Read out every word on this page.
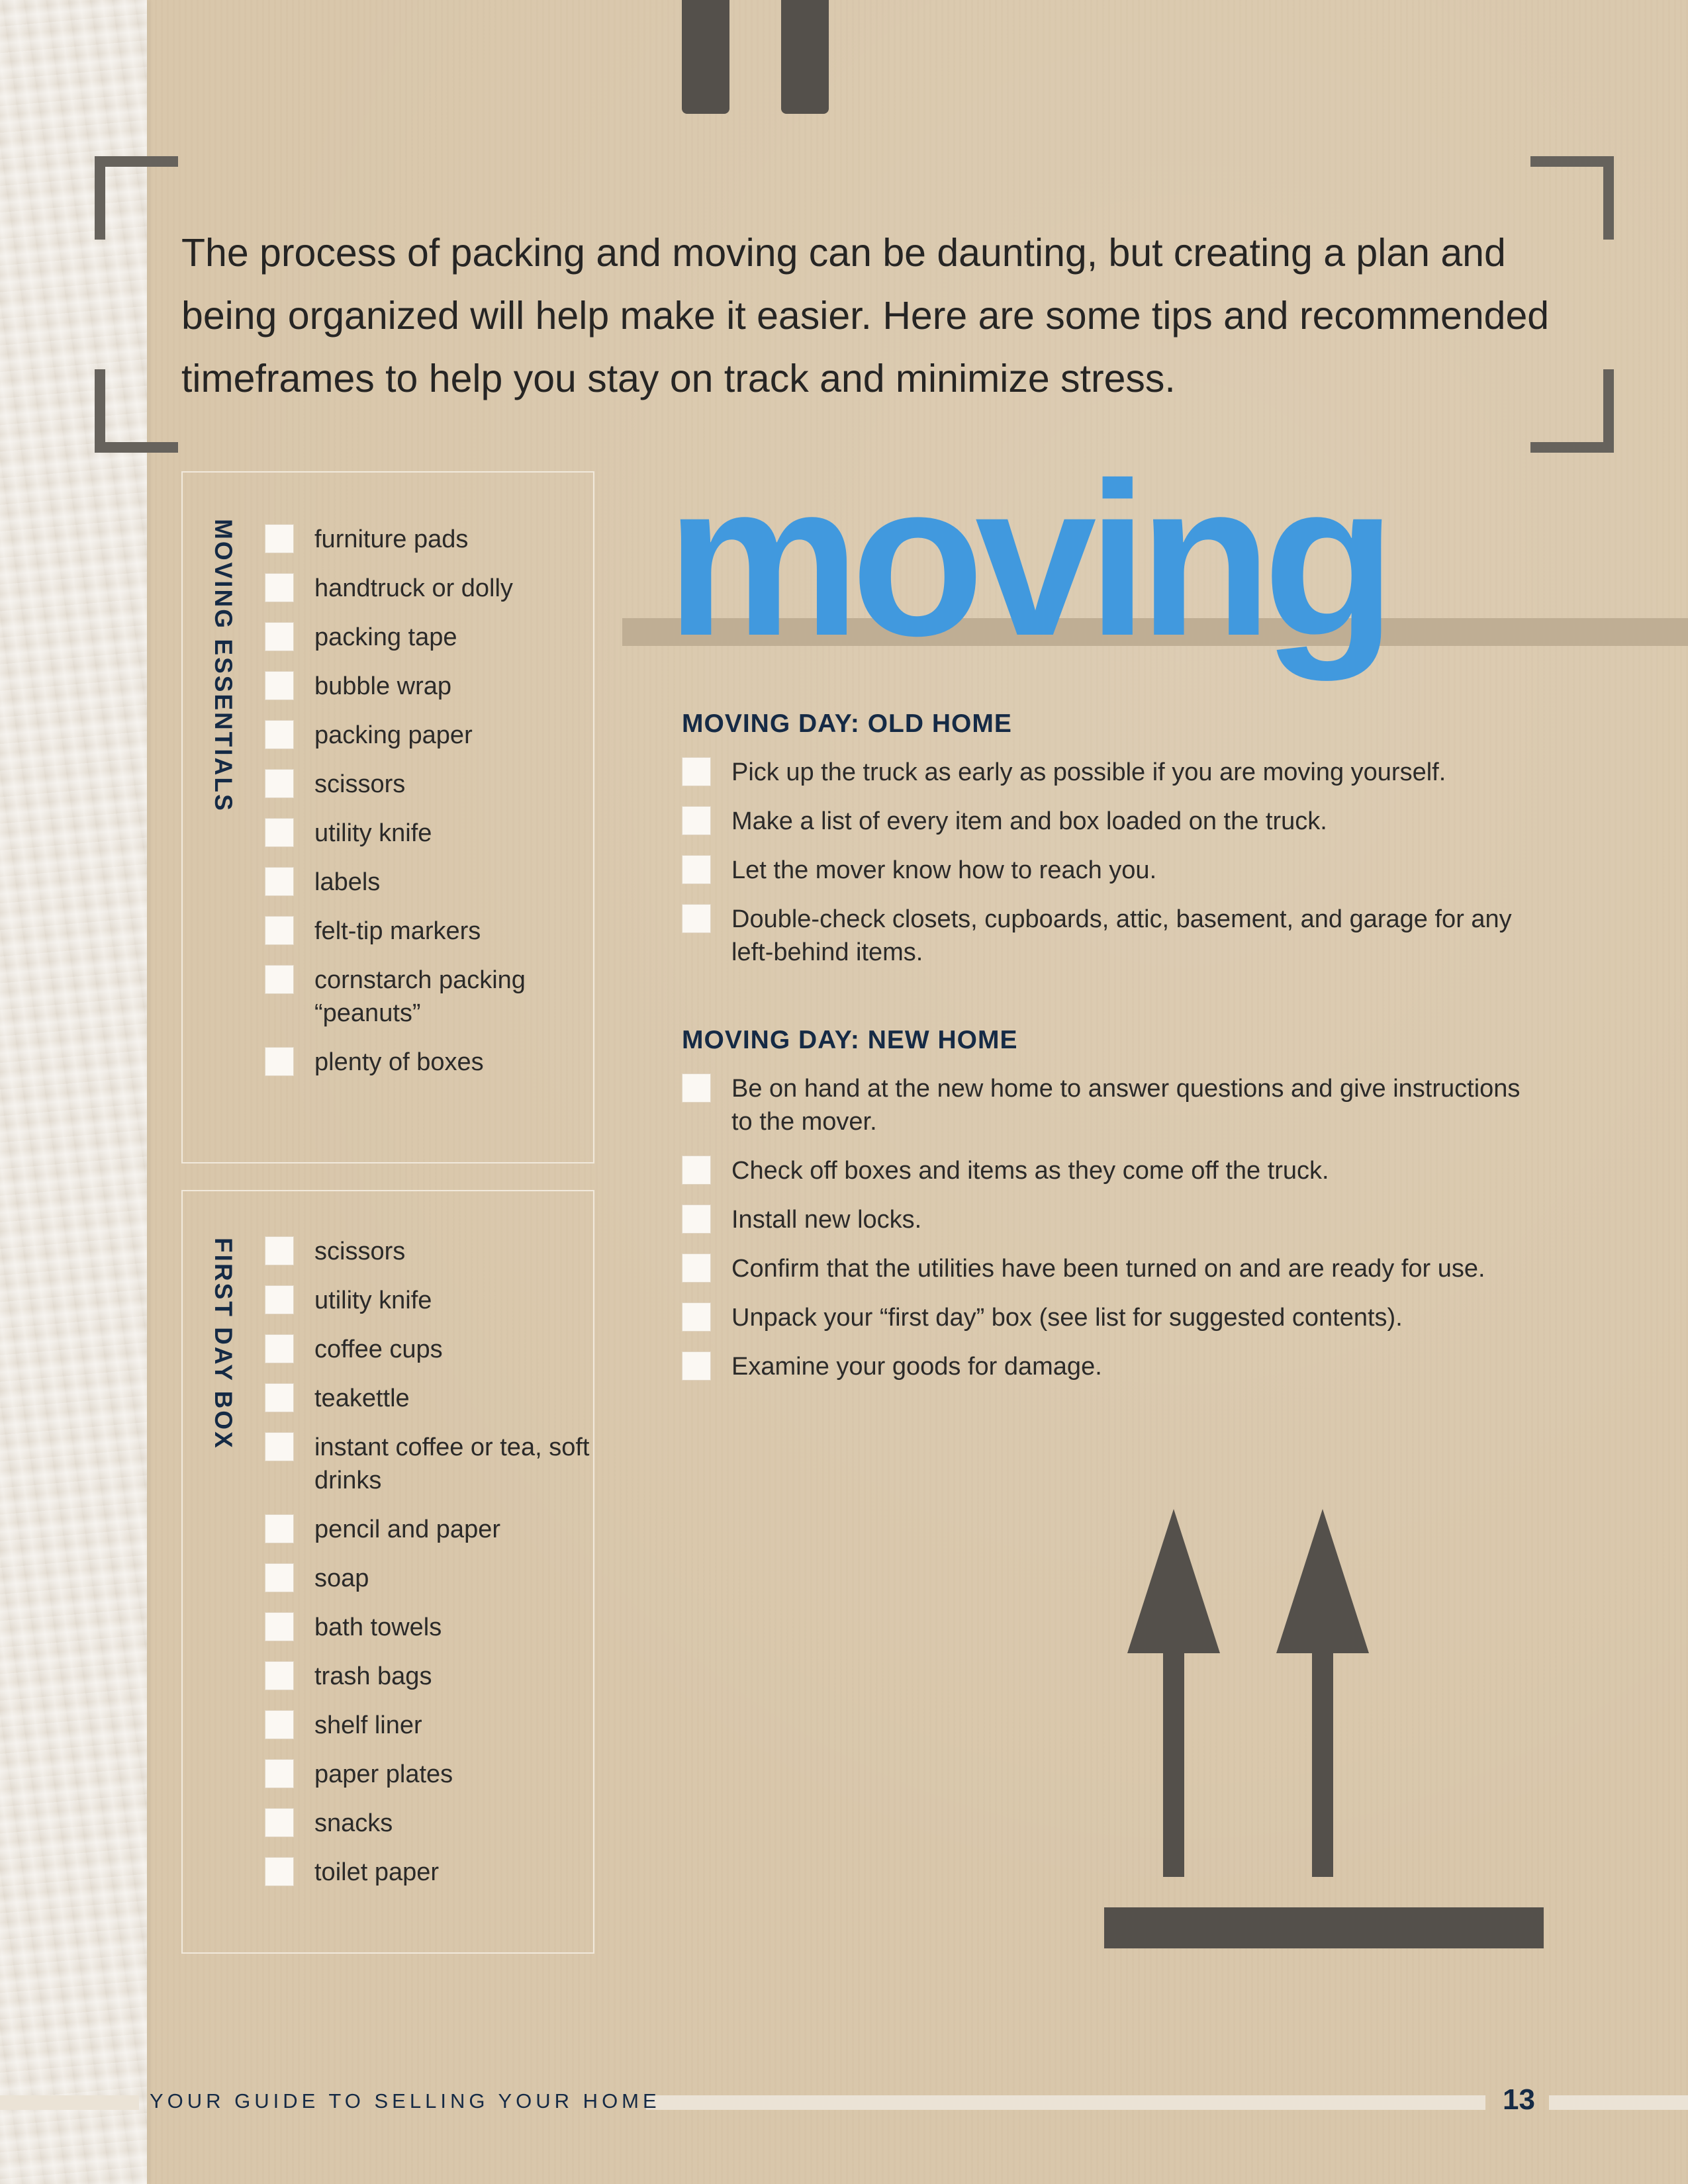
The process of packing and moving can be daunting, but creating a plan and being organized will help make it easier. Here are some tips and recommended timeframes to help you stay on track and minimize stress.

MOVING ESSENTIALS	furniture pads
handtruck or dolly
packing tape
bubble wrap
packing paper
scissors
utility knife
labels
felt-tip markers
cornstarch packing “peanuts”
plenty of boxes
FIRST DAY BOX	scissors
utility knife
coffee cups
teakettle
instant coffee or tea, soft drinks
pencil and paper
soap
bath towels
trash bags
shelf liner
paper plates
snacks
toilet paper
moving
MOVING DAY: OLD HOME
Pick up the truck as early as possible if you are moving yourself.
Make a list of every item and box loaded on the truck.
Let the mover know how to reach you.
Double-check closets, cupboards, attic, basement, and garage for any left-behind items.
MOVING DAY: NEW HOME
Be on hand at the new home to answer questions and give instructions to the mover.
Check off boxes and items as they come off the truck.
Install new locks.
Confirm that the utilities have been turned on and are ready for use.
Unpack your “first day” box (see list for suggested contents).
Examine your goods for damage.
YOUR GUIDE TO SELLING YOUR HOME	13
